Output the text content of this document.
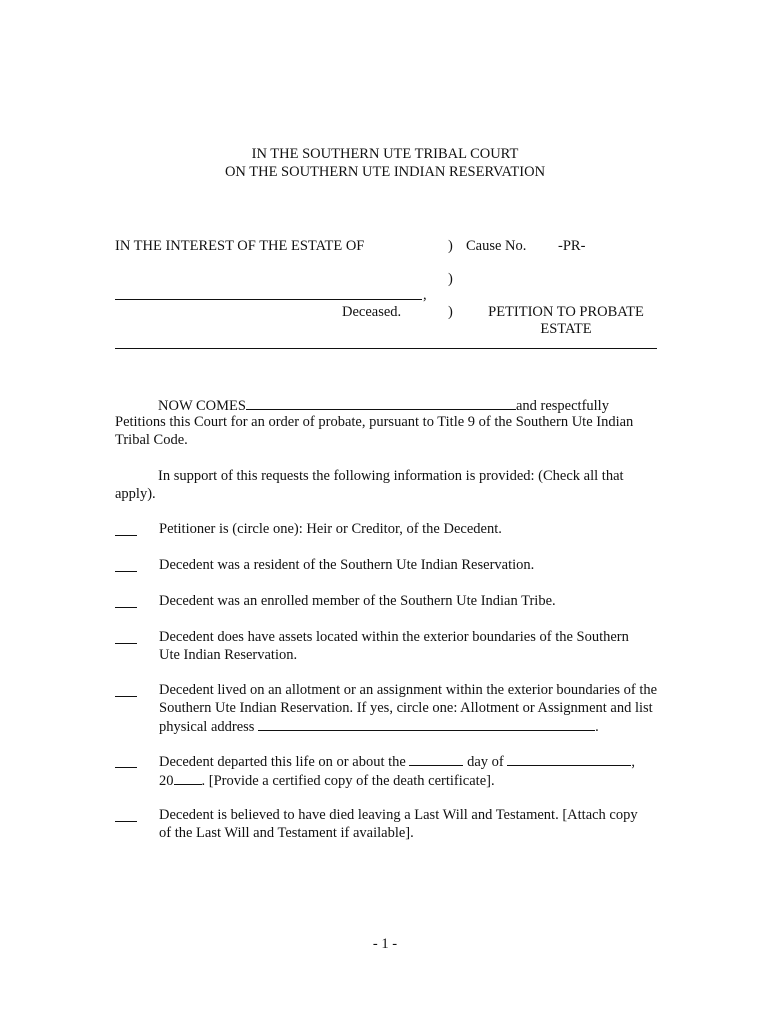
IN THE SOUTHERN UTE TRIBAL COURT
ON THE SOUTHERN UTE INDIAN RESERVATION
IN THE INTEREST OF THE ESTATE OF	) Cause No. -PR-
)
,
Deceased.	)	PETITION TO PROBATE
ESTATE
NOW COMES	and respectfully
Petitions this Court for an order of probate, pursuant to Title 9 of the Southern Ute Indian Tribal Code.
In support of this requests the following information is provided: (Check all that apply).
Petitioner is (circle one): Heir or Creditor, of the Decedent.
Decedent was a resident of the Southern Ute Indian Reservation.
Decedent was an enrolled member of the Southern Ute Indian Tribe.
Decedent does have assets located within the exterior boundaries of the Southern Ute Indian Reservation.
Decedent lived on an allotment or an assignment within the exterior boundaries of the Southern Ute Indian Reservation. If yes, circle one: Allotment or Assignment and list physical address	.
Decedent departed this life on or about the	day of	,
20 . [Provide a certified copy of the death certificate].
Decedent is believed to have died leaving a Last Will and Testament. [Attach copy of the Last Will and Testament if available].
- 1 -
